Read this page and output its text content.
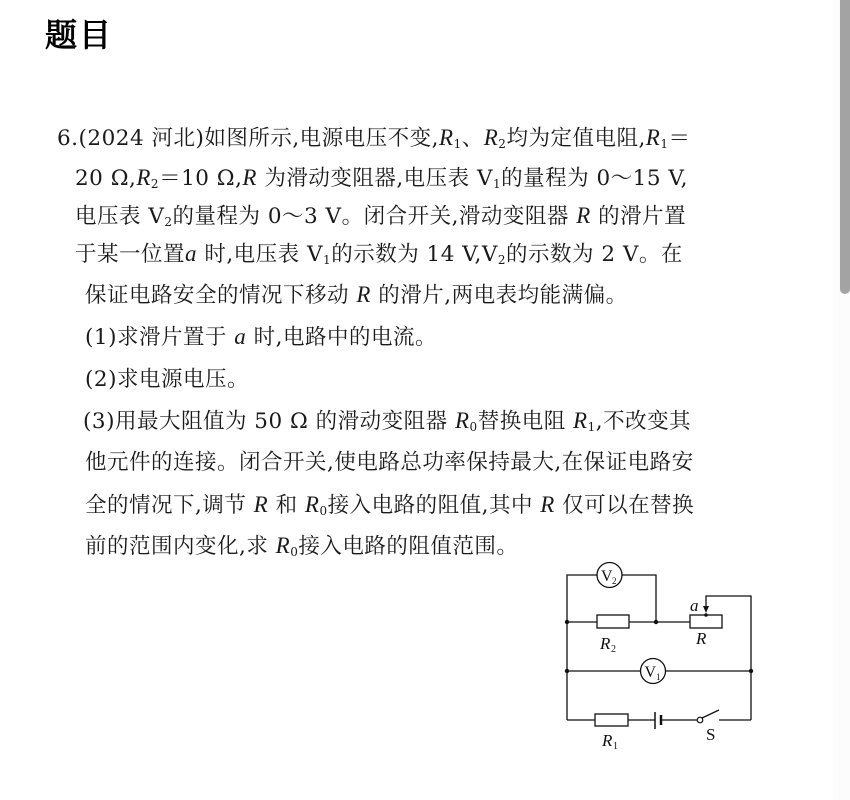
题目
6.(2024 河北)如图所示,电源电压不变$,R_1$、$R_2$均为定值电阻$,R_1=$
20 $\Omega,R_2=10$ Ω,R 为滑动变阻器,电压表 $V_1$的量程为 0～15 V,
电压表 $V_2$的量程为 0～3 V。闭合开关,滑动变阻器 R 的滑片置
于某一位置a 时,电压表 $V_1$的示数为 14 $V,V_2$的示数为 2 V。在
保证电路安全的情况下移动 R 的滑片,两电表均能满偏。
(1)求滑片置于 a 时,电路中的电流。
(2)求电源电压。
(3)用最大阻值为 50 Ω 的滑动变阻器 $R_0$替换电阻 $R_1$,不改变其
他元件的连接。闭合开关,使电路总功率保持最大,在保证电路安
全的情况下,调节 R 和 $R_0$接入电路的阻值,其中 R 仅可以在替换
前的范围内变化,求 $R_0$接入电路的阻值范围。
V 2
V 1
R 2
R
a
R 1
S
